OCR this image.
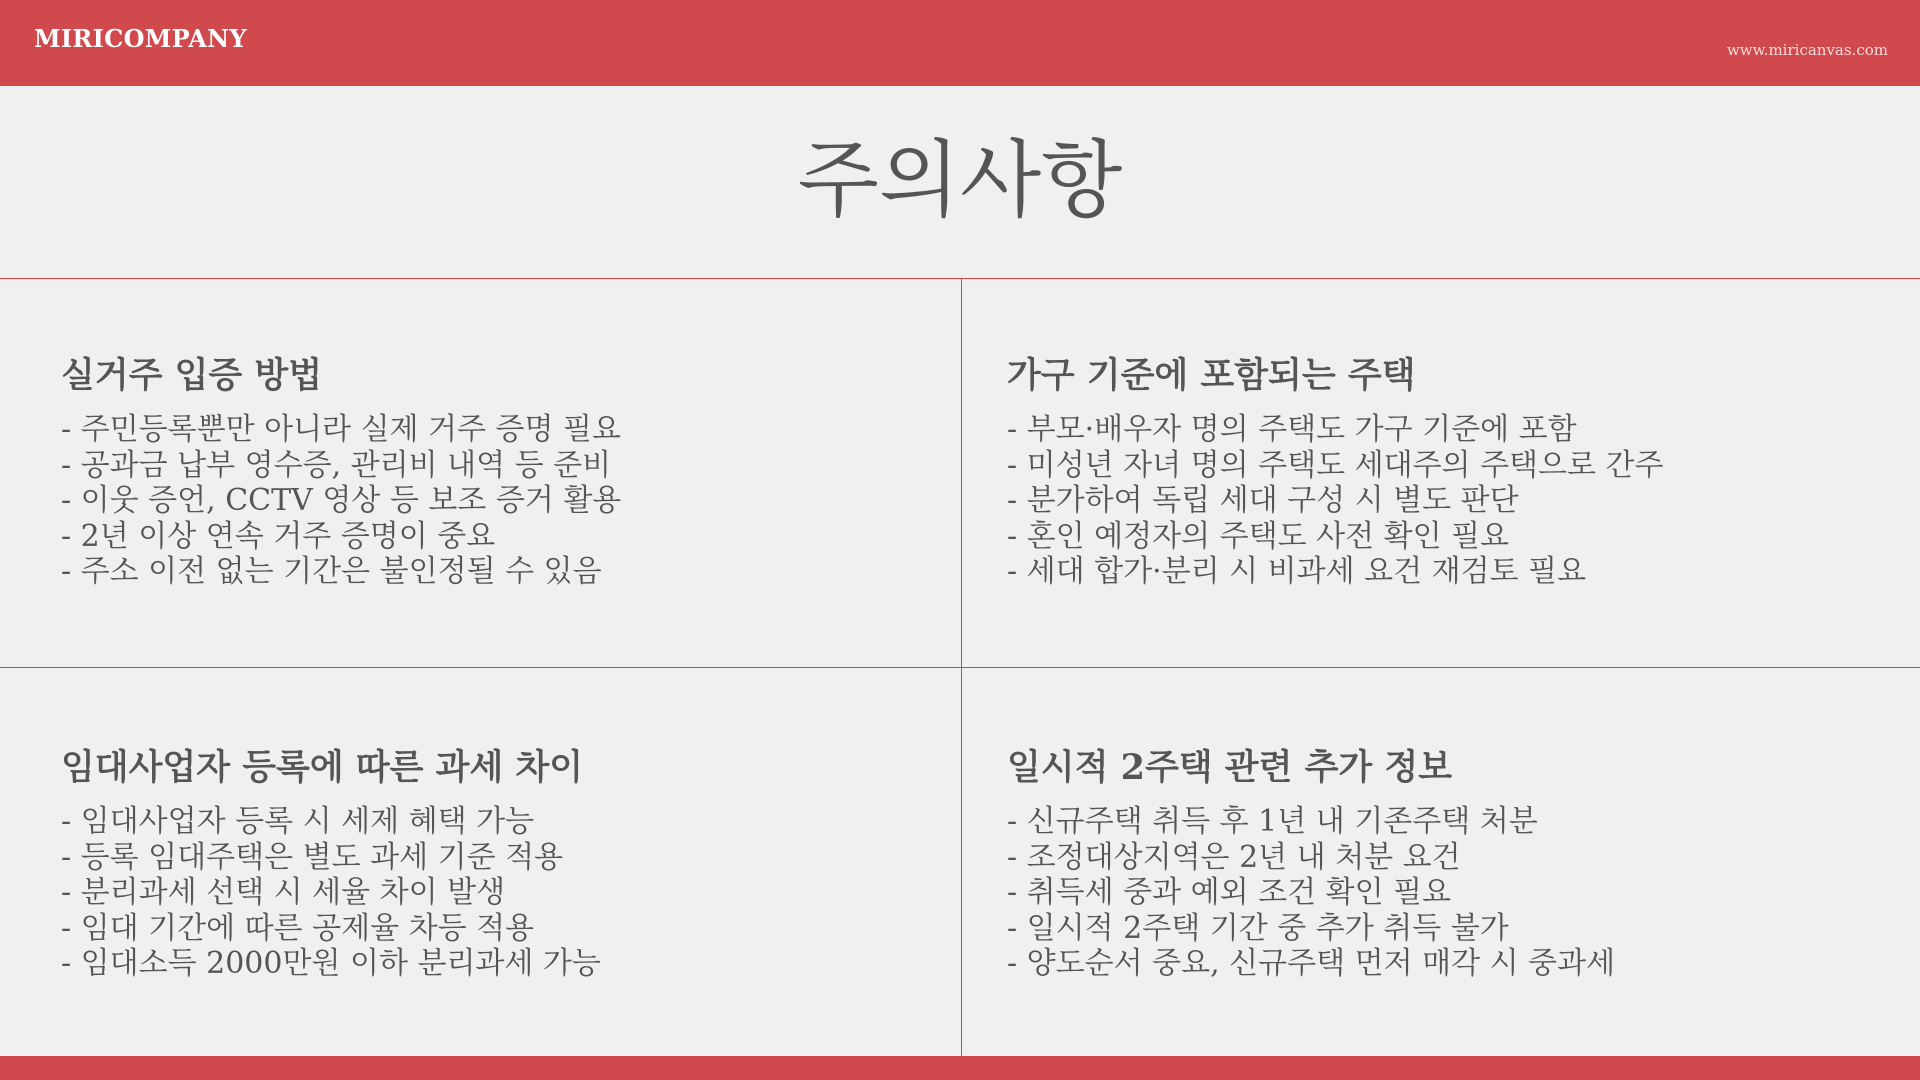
MIRICOMPANY	www.miricanvas.com
주의사항
실거주 입증 방법
- 주민등록뿐만 아니라 실제 거주 증명 필요
- 공과금 납부 영수증, 관리비 내역 등 준비
- 이웃 증언, CCTV 영상 등 보조 증거 활용
- 2년 이상 연속 거주 증명이 중요
- 주소 이전 없는 기간은 불인정될 수 있음
가구 기준에 포함되는 주택
- 부모·배우자 명의 주택도 가구 기준에 포함
- 미성년 자녀 명의 주택도 세대주의 주택으로 간주
- 분가하여 독립 세대 구성 시 별도 판단
- 혼인 예정자의 주택도 사전 확인 필요
- 세대 합가·분리 시 비과세 요건 재검토 필요
임대사업자 등록에 따른 과세 차이
- 임대사업자 등록 시 세제 혜택 가능
- 등록 임대주택은 별도 과세 기준 적용
- 분리과세 선택 시 세율 차이 발생
- 임대 기간에 따른 공제율 차등 적용
- 임대소득 2000만원 이하 분리과세 가능
일시적 2주택 관련 추가 정보
- 신규주택 취득 후 1년 내 기존주택 처분
- 조정대상지역은 2년 내 처분 요건
- 취득세 중과 예외 조건 확인 필요
- 일시적 2주택 기간 중 추가 취득 불가
- 양도순서 중요, 신규주택 먼저 매각 시 중과세
